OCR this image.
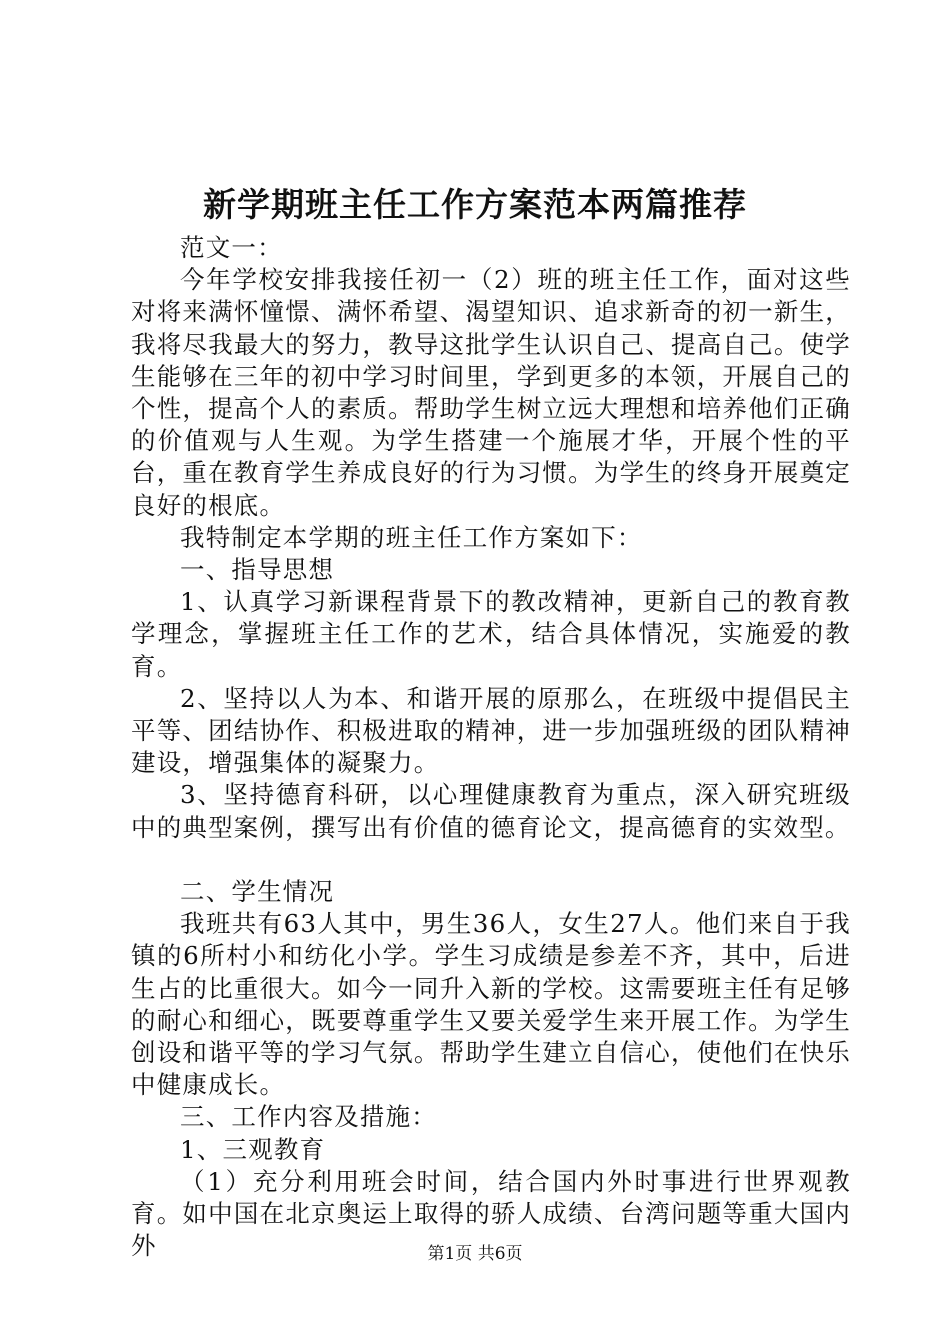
新学期班主任工作方案范本两篇推荐

范文一：

今年学校安排我接任初一（2）班的班主任工作，面对这些对将来满怀憧憬、满怀希望、渴望知识、追求新奇的初一新生，我将尽我最大的努力，教导这批学生认识自己、提高自己。使学生能够在三年的初中学习时间里，学到更多的本领，开展自己的个性，提高个人的素质。帮助学生树立远大理想和培养他们正确的价值观与人生观。为学生搭建一个施展才华，开展个性的平台，重在教育学生养成良好的行为习惯。为学生的终身开展奠定良好的根底。

我特制定本学期的班主任工作方案如下：

一、指导思想

1、认真学习新课程背景下的教改精神，更新自己的教育教学理念，掌握班主任工作的艺术，结合具体情况，实施爱的教育。

2、坚持以人为本、和谐开展的原那么，在班级中提倡民主平等、团结协作、积极进取的精神，进一步加强班级的团队精神建设，增强集体的凝聚力。

3、坚持德育科研，以心理健康教育为重点，深入研究班级中的典型案例，撰写出有价值的德育论文，提高德育的实效型。

二、学生情况

我班共有63人其中，男生36人，女生27人。他们来自于我镇的6所村小和纺化小学。学生习成绩是参差不齐，其中，后进生占的比重很大。如今一同升入新的学校。这需要班主任有足够的耐心和细心，既要尊重学生又要关爱学生来开展工作。为学生创设和谐平等的学习气氛。帮助学生建立自信心，使他们在快乐中健康成长。

三、工作内容及措施：

1、三观教育

（1）充分利用班会时间，结合国内外时事进行世界观教育。如中国在北京奥运上取得的骄人成绩、台湾问题等重大国内外	第1页 共6页
